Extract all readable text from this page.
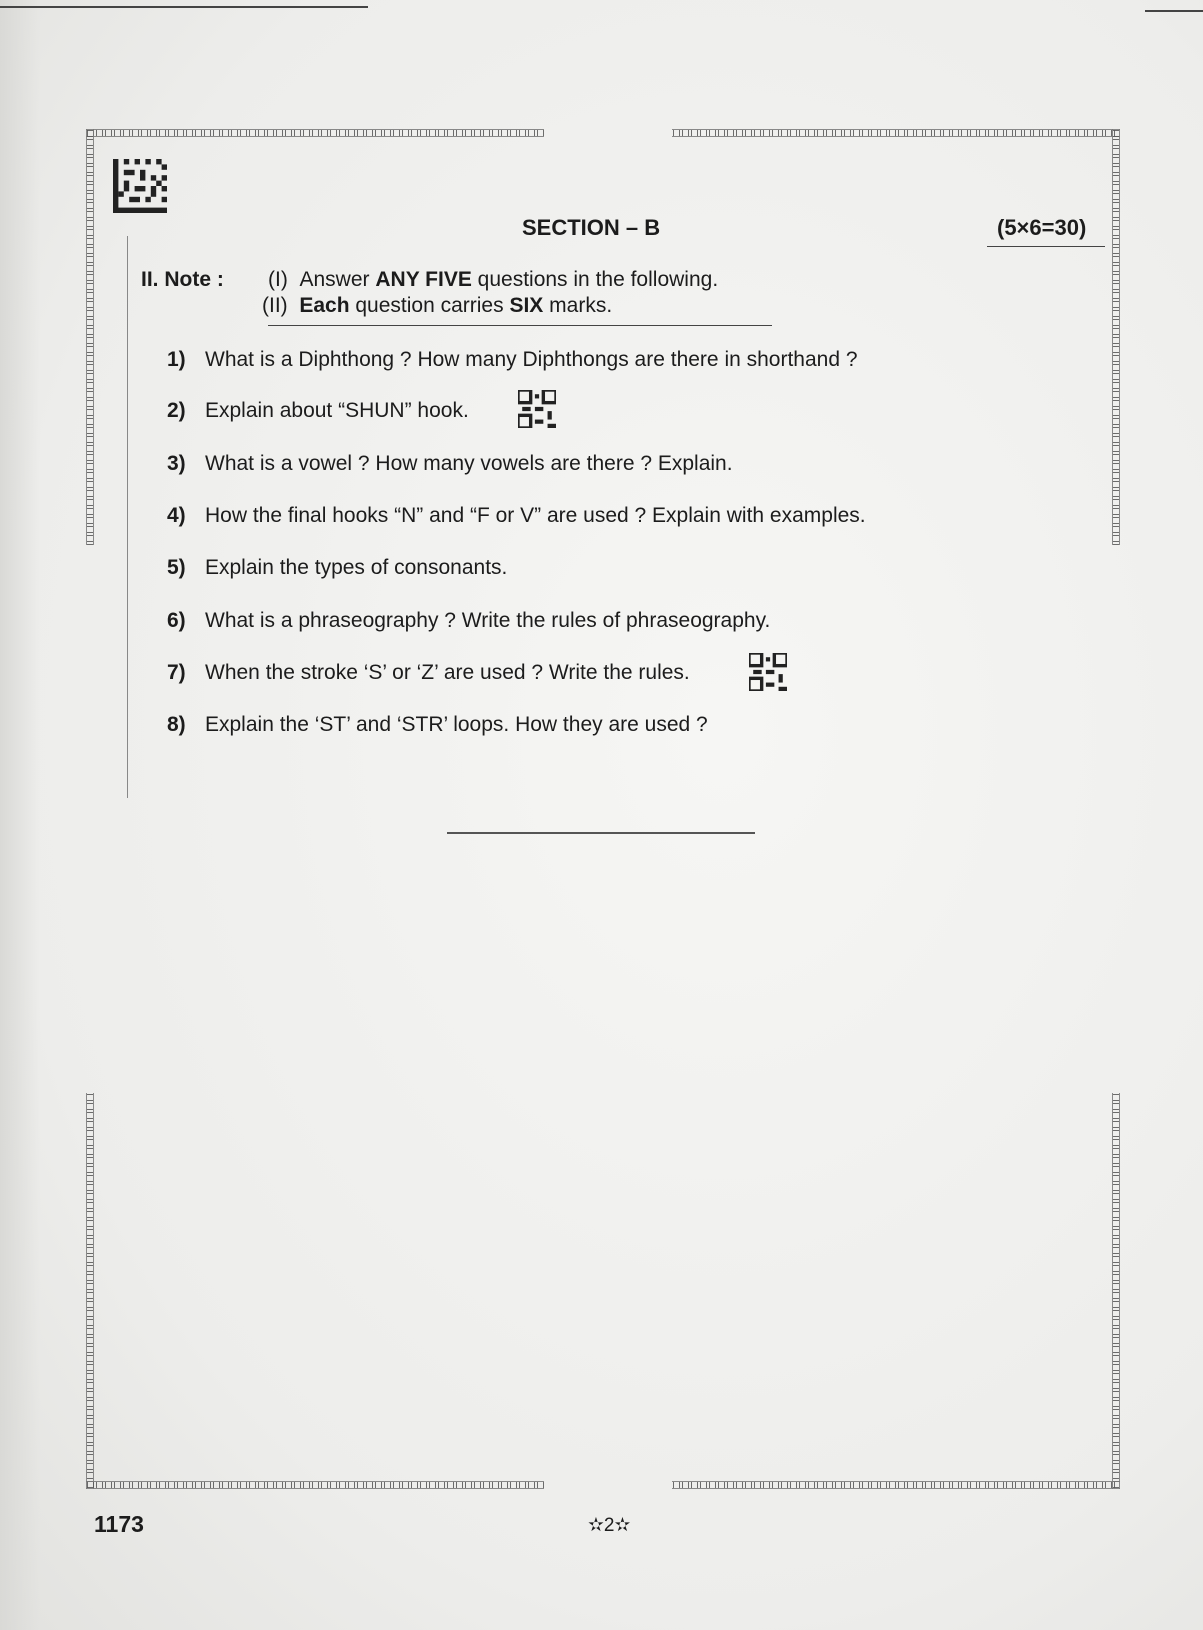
SECTION – B	(5×6=30)
II. Note : (I) Answer ANY FIVE questions in the following.
(II) Each question carries SIX marks.
1) What is a Diphthong ? How many Diphthongs are there in shorthand ?
2) Explain about “SHUN” hook.
3) What is a vowel ? How many vowels are there ? Explain.
4) How the final hooks “N” and “F or V” are used ? Explain with examples.
5) Explain the types of consonants.
6) What is a phraseography ? Write the rules of phraseography.
7) When the stroke ‘S’ or ‘Z’ are used ? Write the rules.
8) Explain the ‘ST’ and ‘STR’ loops. How they are used ?
1173	✫2✫
